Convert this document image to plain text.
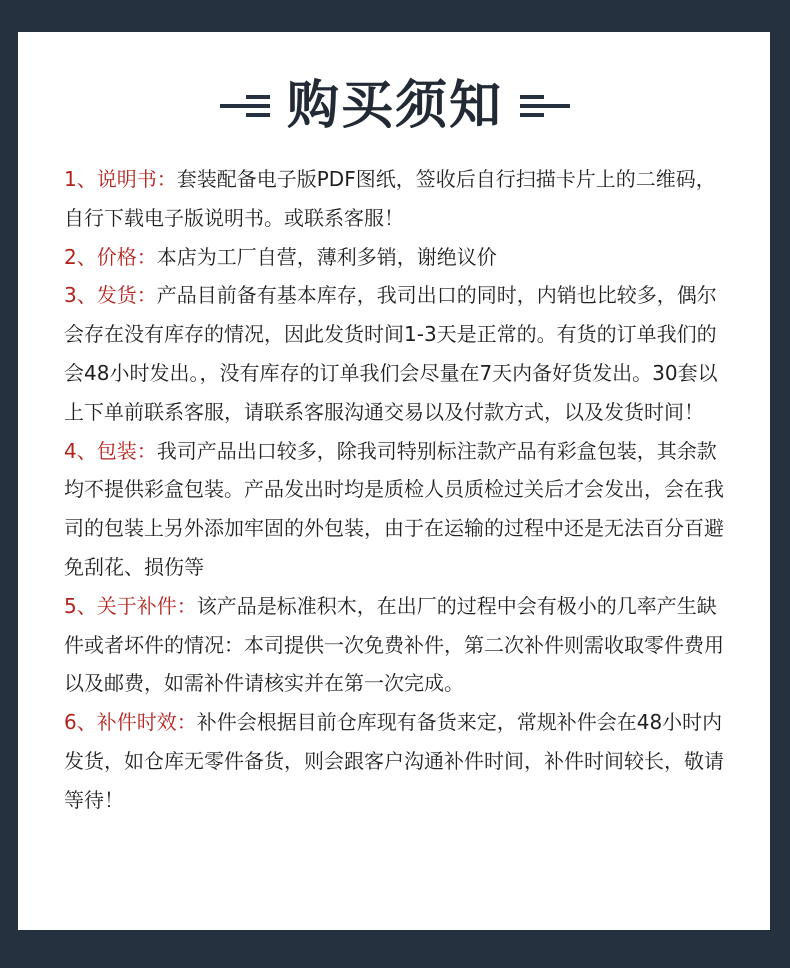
购买须知

1、说明书：套装配备电子版PDF图纸，签收后自行扫描卡片上的二维码，自行下载电子版说明书。或联系客服！

2、价格：本店为工厂自营，薄利多销，谢绝议价

3、发货：产品目前备有基本库存，我司出口的同时，内销也比较多，偶尔会存在没有库存的情况，因此发货时间1-3天是正常的。有货的订单我们的会48小时发出。，没有库存的订单我们会尽量在7天内备好货发出。30套以上下单前联系客服，请联系客服沟通交易以及付款方式，以及发货时间！

4、包装：我司产品出口较多，除我司特别标注款产品有彩盒包装，其余款均不提供彩盒包装。产品发出时均是质检人员质检过关后才会发出，会在我司的包装上另外添加牢固的外包装，由于在运输的过程中还是无法百分百避免刮花、损伤等

5、关于补件：该产品是标准积木，在出厂的过程中会有极小的几率产生缺件或者坏件的情况：本司提供一次免费补件，第二次补件则需收取零件费用以及邮费，如需补件请核实并在第一次完成。

6、补件时效：补件会根据目前仓库现有备货来定，常规补件会在48小时内发货，如仓库无零件备货，则会跟客户沟通补件时间，补件时间较长，敬请等待！
